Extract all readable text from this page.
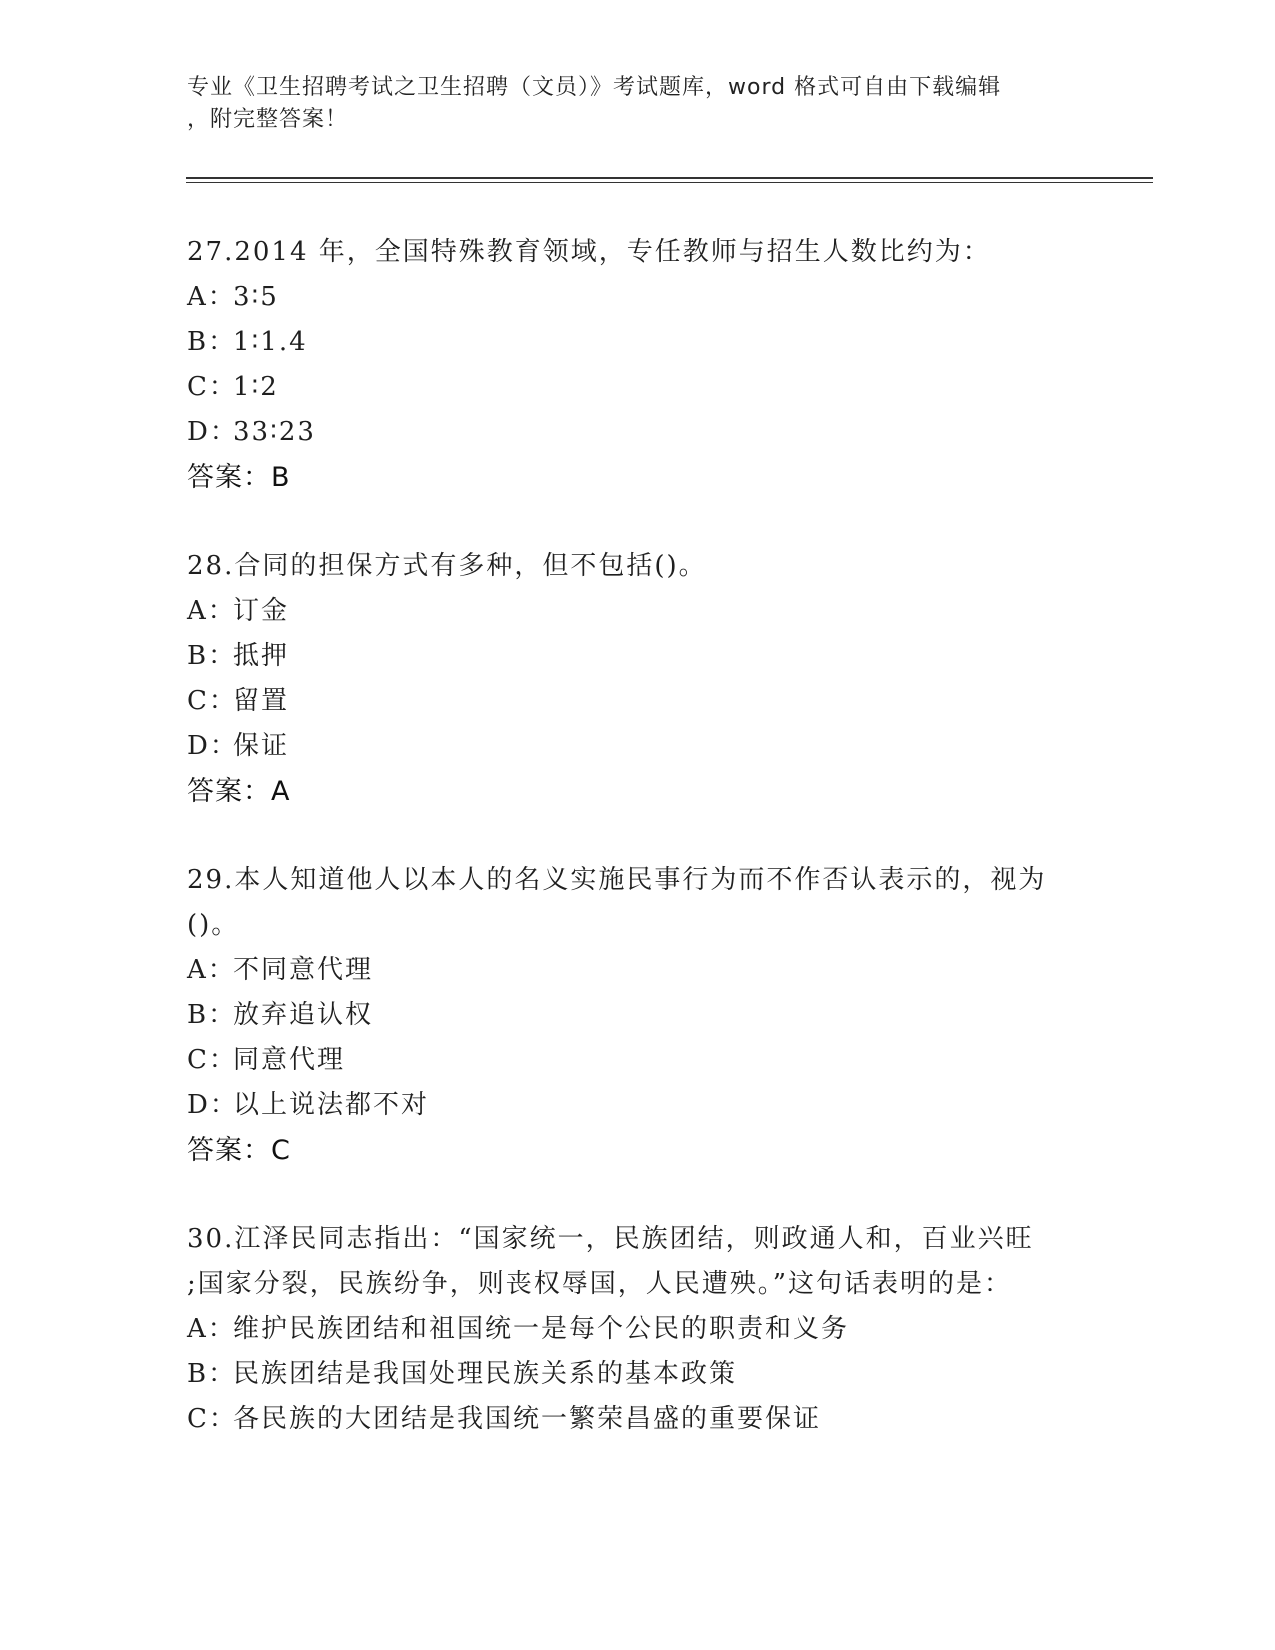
专业《卫生招聘考试之卫生招聘（文员）》考试题库，word 格式可自由下载编辑
，附完整答案！
27.2014 年，全国特殊教育领域，专任教师与招生人数比约为：
A：3∶5
B：1∶1.4
C：1∶2
D：33∶23
答案：B
28.合同的担保方式有多种，但不包括()。
A：订金
B：抵押
C：留置
D：保证
答案：A
29.本人知道他人以本人的名义实施民事行为而不作否认表示的，视为
()。
A：不同意代理
B：放弃追认权
C：同意代理
D：以上说法都不对
答案：C
30.江泽民同志指出：“国家统一，民族团结，则政通人和，百业兴旺
;国家分裂，民族纷争，则丧权辱国，人民遭殃。”这句话表明的是：
A：维护民族团结和祖国统一是每个公民的职责和义务
B：民族团结是我国处理民族关系的基本政策
C：各民族的大团结是我国统一繁荣昌盛的重要保证
